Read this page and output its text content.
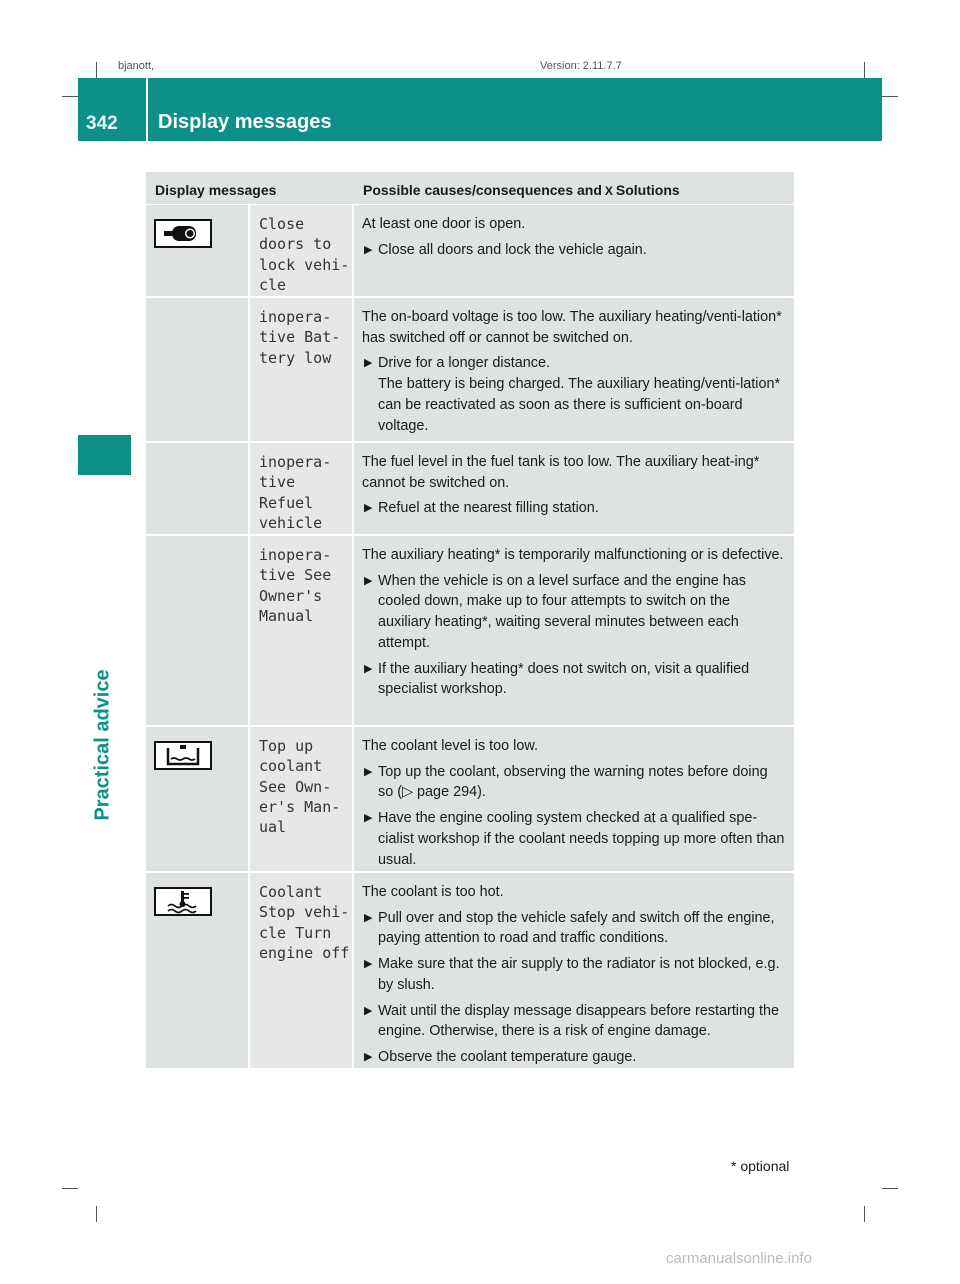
bjanott,	Version: 2.11.7.7
342 Display messages
Practical advice
Display messages	Possible causes/consequences and X Solutions
Close
doors to
lock vehi‐
cle
At least one door is open.
▶ Close all doors and lock the vehicle again.
inopera‐
tive Bat‐
tery low
The on-board voltage is too low. The auxiliary heating/venti-lation* has switched off or cannot be switched on.
▶ Drive for a longer distance.
The battery is being charged. The auxiliary heating/venti-lation* can be reactivated as soon as there is sufficient on-board voltage.
inopera‐
tive
Refuel
vehicle
The fuel level in the fuel tank is too low. The auxiliary heat-ing* cannot be switched on.
▶ Refuel at the nearest filling station.
inopera‐
tive See
Owner's
Manual
The auxiliary heating* is temporarily malfunctioning or is defective.
▶ When the vehicle is on a level surface and the engine has cooled down, make up to four attempts to switch on the auxiliary heating*, waiting several minutes between each attempt.
▶ If the auxiliary heating* does not switch on, visit a qualified specialist workshop.
Top up
coolant
See Own‐
er's Man‐
ual
The coolant level is too low.
▶ Top up the coolant, observing the warning notes before doing so (▷ page 294).
▶ Have the engine cooling system checked at a qualified spe-cialist workshop if the coolant needs topping up more often than usual.
Coolant
Stop vehi‐
cle Turn
engine off
The coolant is too hot.
▶ Pull over and stop the vehicle safely and switch off the engine, paying attention to road and traffic conditions.
▶ Make sure that the air supply to the radiator is not blocked, e.g. by slush.
▶ Wait until the display message disappears before restarting the engine. Otherwise, there is a risk of engine damage.
▶ Observe the coolant temperature gauge.
* optional
carmanualsonline.info
